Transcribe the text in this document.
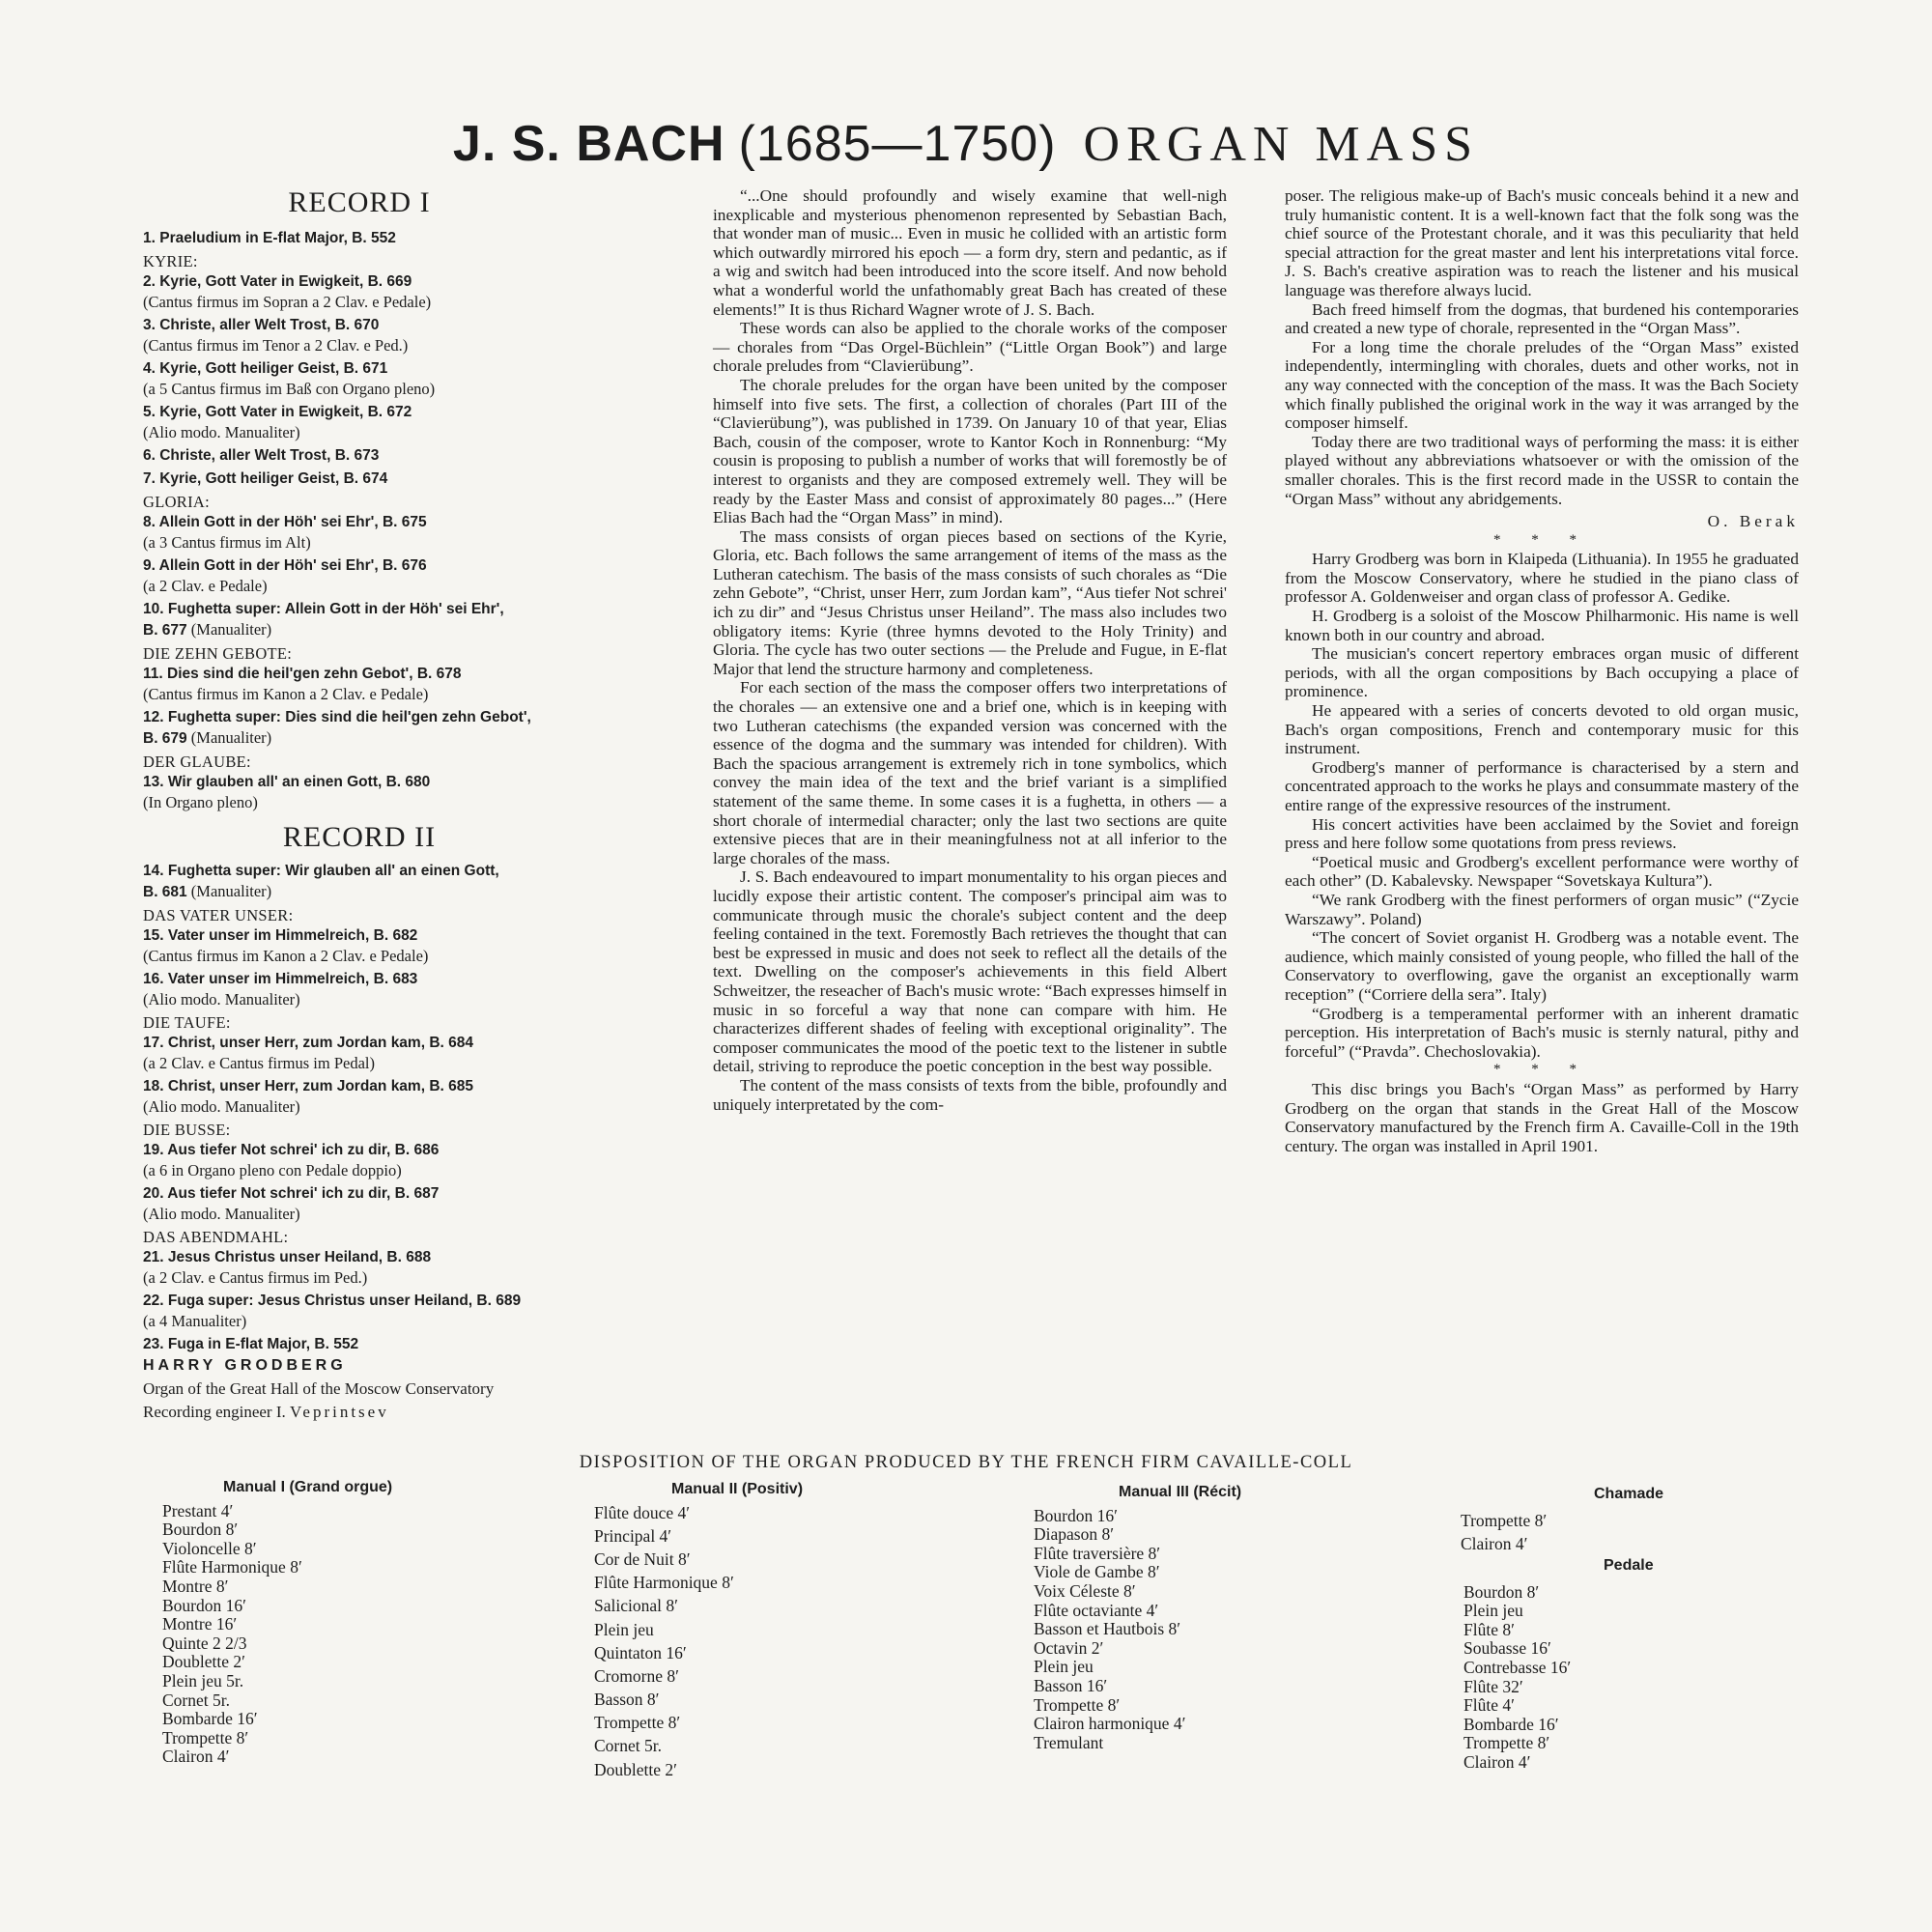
J. S. BACH (1685—1750) ORGAN MASS
RECORD I
1. Praeludium in E-flat Major, B. 552
KYRIE:
2. Kyrie, Gott Vater in Ewigkeit, B. 669
(Cantus firmus im Sopran a 2 Clav. e Pedale)
3. Christe, aller Welt Trost, B. 670
(Cantus firmus im Tenor a 2 Clav. e Ped.)
4. Kyrie, Gott heiliger Geist, B. 671
(a 5 Cantus firmus im Baß con Organo pleno)
5. Kyrie, Gott Vater in Ewigkeit, B. 672
(Alio modo. Manualiter)
6. Christe, aller Welt Trost, B. 673
7. Kyrie, Gott heiliger Geist, B. 674
GLORIA:
8. Allein Gott in der Höh' sei Ehr', B. 675
(a 3 Cantus firmus im Alt)
9. Allein Gott in der Höh' sei Ehr', B. 676
(a 2 Clav. e Pedale)
10. Fughetta super: Allein Gott in der Höh' sei Ehr',
B. 677 (Manualiter)
DIE ZEHN GEBOTE:
11. Dies sind die heil'gen zehn Gebot', B. 678
(Cantus firmus im Kanon a 2 Clav. e Pedale)
12. Fughetta super: Dies sind die heil'gen zehn Gebot',
B. 679 (Manualiter)
DER GLAUBE:
13. Wir glauben all' an einen Gott, B. 680
(In Organo pleno)
RECORD II
14. Fughetta super: Wir glauben all' an einen Gott,
B. 681 (Manualiter)
DAS VATER UNSER:
15. Vater unser im Himmelreich, B. 682
(Cantus firmus im Kanon a 2 Clav. e Pedale)
16. Vater unser im Himmelreich, B. 683
(Alio modo. Manualiter)
DIE TAUFE:
17. Christ, unser Herr, zum Jordan kam, B. 684
(a 2 Clav. e Cantus firmus im Pedal)
18. Christ, unser Herr, zum Jordan kam, B. 685
(Alio modo. Manualiter)
DIE BUSSE:
19. Aus tiefer Not schrei' ich zu dir, B. 686
(a 6 in Organo pleno con Pedale doppio)
20. Aus tiefer Not schrei' ich zu dir, B. 687
(Alio modo. Manualiter)
DAS ABENDMAHL:
21. Jesus Christus unser Heiland, B. 688
(a 2 Clav. e Cantus firmus im Ped.)
22. Fuga super: Jesus Christus unser Heiland, B. 689
(a 4 Manualiter)
23. Fuga in E-flat Major, B. 552
HARRY GRODBERG
Organ of the Great Hall of the Moscow Conservatory
Recording engineer I. Veprintsev

“...One should profoundly and wisely examine that well-nigh inexplicable and mysterious phenomenon represented by Sebastian Bach, that wonder man of music... Even in music he collided with an artistic form which outwardly mirrored his epoch — a form dry, stern and pedantic, as if a wig and switch had been introduced into the score itself. And now behold what a wonderful world the unfathomably great Bach has created of these elements!” It is thus Richard Wagner wrote of J. S. Bach.

These words can also be applied to the chorale works of the composer — chorales from “Das Orgel-Büchlein” (“Little Organ Book”) and large chorale preludes from “Clavierübung”.

The chorale preludes for the organ have been united by the composer himself into five sets. The first, a collection of chorales (Part III of the “Clavierübung”), was published in 1739. On January 10 of that year, Elias Bach, cousin of the composer, wrote to Kantor Koch in Ronnenburg: “My cousin is proposing to publish a number of works that will foremostly be of interest to organists and they are composed extremely well. They will be ready by the Easter Mass and consist of approximately 80 pages...” (Here Elias Bach had the “Organ Mass” in mind).

The mass consists of organ pieces based on sections of the Kyrie, Gloria, etc. Bach follows the same arrangement of items of the mass as the Lutheran catechism. The basis of the mass consists of such chorales as “Die zehn Gebote”, “Christ, unser Herr, zum Jordan kam”, “Aus tiefer Not schrei' ich zu dir” and “Jesus Christus unser Heiland”. The mass also includes two obligatory items: Kyrie (three hymns devoted to the Holy Trinity) and Gloria. The cycle has two outer sections — the Prelude and Fugue, in E-flat Major that lend the structure harmony and completeness.

For each section of the mass the composer offers two interpretations of the chorales — an extensive one and a brief one, which is in keeping with two Lutheran catechisms (the expanded version was concerned with the essence of the dogma and the summary was intended for children). With Bach the spacious arrangement is extremely rich in tone symbolics, which convey the main idea of the text and the brief variant is a simplified statement of the same theme. In some cases it is a fughetta, in others — a short chorale of intermedial character; only the last two sections are quite extensive pieces that are in their meaningfulness not at all inferior to the large chorales of the mass.

J. S. Bach endeavoured to impart monumentality to his organ pieces and lucidly expose their artistic content. The composer's principal aim was to communicate through music the chorale's subject content and the deep feeling contained in the text. Foremostly Bach retrieves the thought that can best be expressed in music and does not seek to reflect all the details of the text. Dwelling on the composer's achievements in this field Albert Schweitzer, the reseacher of Bach's music wrote: “Bach expresses himself in music in so forceful a way that none can compare with him. He characterizes different shades of feeling with exceptional originality”. The composer communicates the mood of the poetic text to the listener in subtle detail, striving to reproduce the poetic conception in the best way possible.

The content of the mass consists of texts from the bible, profoundly and uniquely interpretated by the com-

poser. The religious make-up of Bach's music conceals behind it a new and truly humanistic content. It is a well-known fact that the folk song was the chief source of the Protestant chorale, and it was this peculiarity that held special attraction for the great master and lent his interpretations vital force. J. S. Bach's creative aspiration was to reach the listener and his musical language was therefore always lucid.

Bach freed himself from the dogmas, that burdened his contemporaries and created a new type of chorale, represented in the “Organ Mass”.

For a long time the chorale preludes of the “Organ Mass” existed independently, intermingling with chorales, duets and other works, not in any way connected with the conception of the mass. It was the Bach Society which finally published the original work in the way it was arranged by the composer himself.

Today there are two traditional ways of performing the mass: it is either played without any abbreviations whatsoever or with the omission of the smaller chorales. This is the first record made in the USSR to contain the “Organ Mass” without any abridgements.

O. Berak

* * *

Harry Grodberg was born in Klaipeda (Lithuania). In 1955 he graduated from the Moscow Conservatory, where he studied in the piano class of professor A. Goldenweiser and organ class of professor A. Gedike.

H. Grodberg is a soloist of the Moscow Philharmonic. His name is well known both in our country and abroad.

The musician's concert repertory embraces organ music of different periods, with all the organ compositions by Bach occupying a place of prominence.

He appeared with a series of concerts devoted to old organ music, Bach's organ compositions, French and contemporary music for this instrument.

Grodberg's manner of performance is characterised by a stern and concentrated approach to the works he plays and consummate mastery of the entire range of the expressive resources of the instrument.

His concert activities have been acclaimed by the Soviet and foreign press and here follow some quotations from press reviews.

“Poetical music and Grodberg's excellent performance were worthy of each other” (D. Kabalevsky. Newspaper “Sovetskaya Kultura”).

“We rank Grodberg with the finest performers of organ music” (“Zycie Warszawy”. Poland)

“The concert of Soviet organist H. Grodberg was a notable event. The audience, which mainly consisted of young people, who filled the hall of the Conservatory to overflowing, gave the organist an exceptionally warm reception” (“Corriere della sera”. Italy)

“Grodberg is a temperamental performer with an inherent dramatic perception. His interpretation of Bach's music is sternly natural, pithy and forceful” (“Pravda”. Chechoslovakia).

* * *

This disc brings you Bach's “Organ Mass” as performed by Harry Grodberg on the organ that stands in the Great Hall of the Moscow Conservatory manufactured by the French firm A. Cavaille-Coll in the 19th century. The organ was installed in April 1901.

DISPOSITION OF THE ORGAN PRODUCED BY THE FRENCH FIRM CAVAILLE-COLL
Manual I (Grand orgue)
Prestant 4′
Bourdon 8′
Violoncelle 8′
Flûte Harmonique 8′
Montre 8′
Bourdon 16′
Montre 16′
Quinte 2 2/3
Doublette 2′
Plein jeu 5r.
Cornet 5r.
Bombarde 16′
Trompette 8′
Clairon 4′
Manual II (Positiv)
Flûte douce 4′
Principal 4′
Cor de Nuit 8′
Flûte Harmonique 8′
Salicional 8′
Plein jeu
Quintaton 16′
Cromorne 8′
Basson 8′
Trompette 8′
Cornet 5r.
Doublette 2′
Manual III (Récit)
Bourdon 16′
Diapason 8′
Flûte traversière 8′
Viole de Gambe 8′
Voix Céleste 8′
Flûte octaviante 4′
Basson et Hautbois 8′
Octavin 2′
Plein jeu
Basson 16′
Trompette 8′
Clairon harmonique 4′
Tremulant
Chamade
Trompette 8′
Clairon 4′
Pedale
Bourdon 8′
Plein jeu
Flûte 8′
Soubasse 16′
Contrebasse 16′
Flûte 32′
Flûte 4′
Bombarde 16′
Trompette 8′
Clairon 4′
